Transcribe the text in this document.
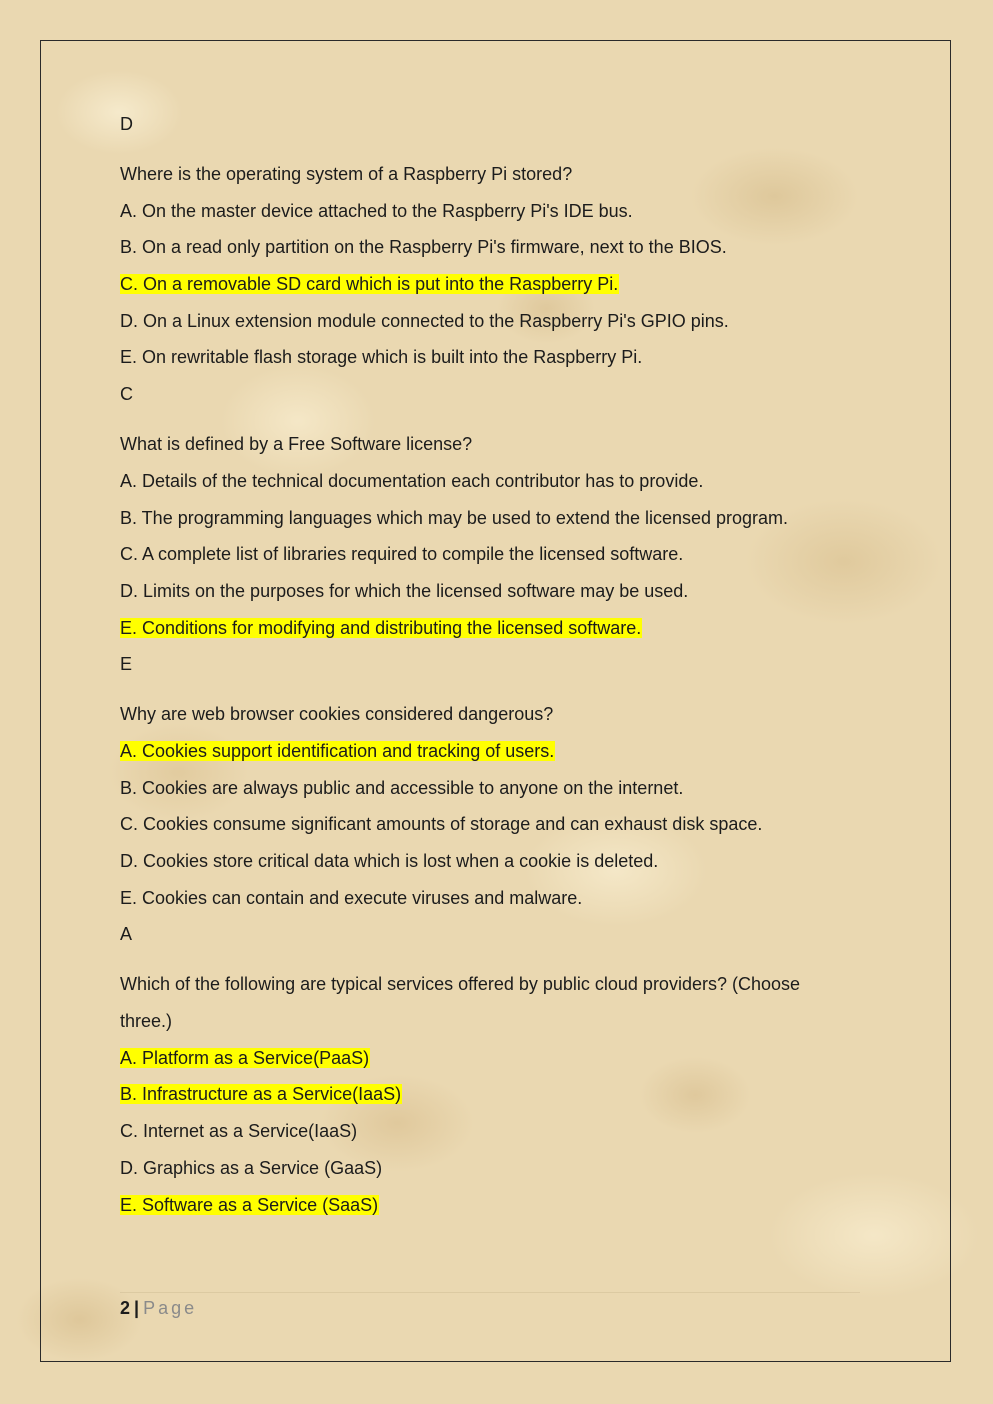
D
Where is the operating system of a Raspberry Pi stored?
A. On the master device attached to the Raspberry Pi's IDE bus.
B. On a read only partition on the Raspberry Pi's firmware, next to the BIOS.
C. On a removable SD card which is put into the Raspberry Pi.
D. On a Linux extension module connected to the Raspberry Pi's GPIO pins.
E. On rewritable flash storage which is built into the Raspberry Pi.
C
What is defined by a Free Software license?
A. Details of the technical documentation each contributor has to provide.
B. The programming languages which may be used to extend the licensed program.
C. A complete list of libraries required to compile the licensed software.
D. Limits on the purposes for which the licensed software may be used.
E. Conditions for modifying and distributing the licensed software.
E
Why are web browser cookies considered dangerous?
A. Cookies support identification and tracking of users.
B. Cookies are always public and accessible to anyone on the internet.
C. Cookies consume significant amounts of storage and can exhaust disk space.
D. Cookies store critical data which is lost when a cookie is deleted.
E. Cookies can contain and execute viruses and malware.
A
Which of the following are typical services offered by public cloud providers? (Choose
three.)
A. Platform as a Service(PaaS)
B. Infrastructure as a Service(IaaS)
C. Internet as a Service(IaaS)
D. Graphics as a Service (GaaS)
E. Software as a Service (SaaS)
2 | Page
